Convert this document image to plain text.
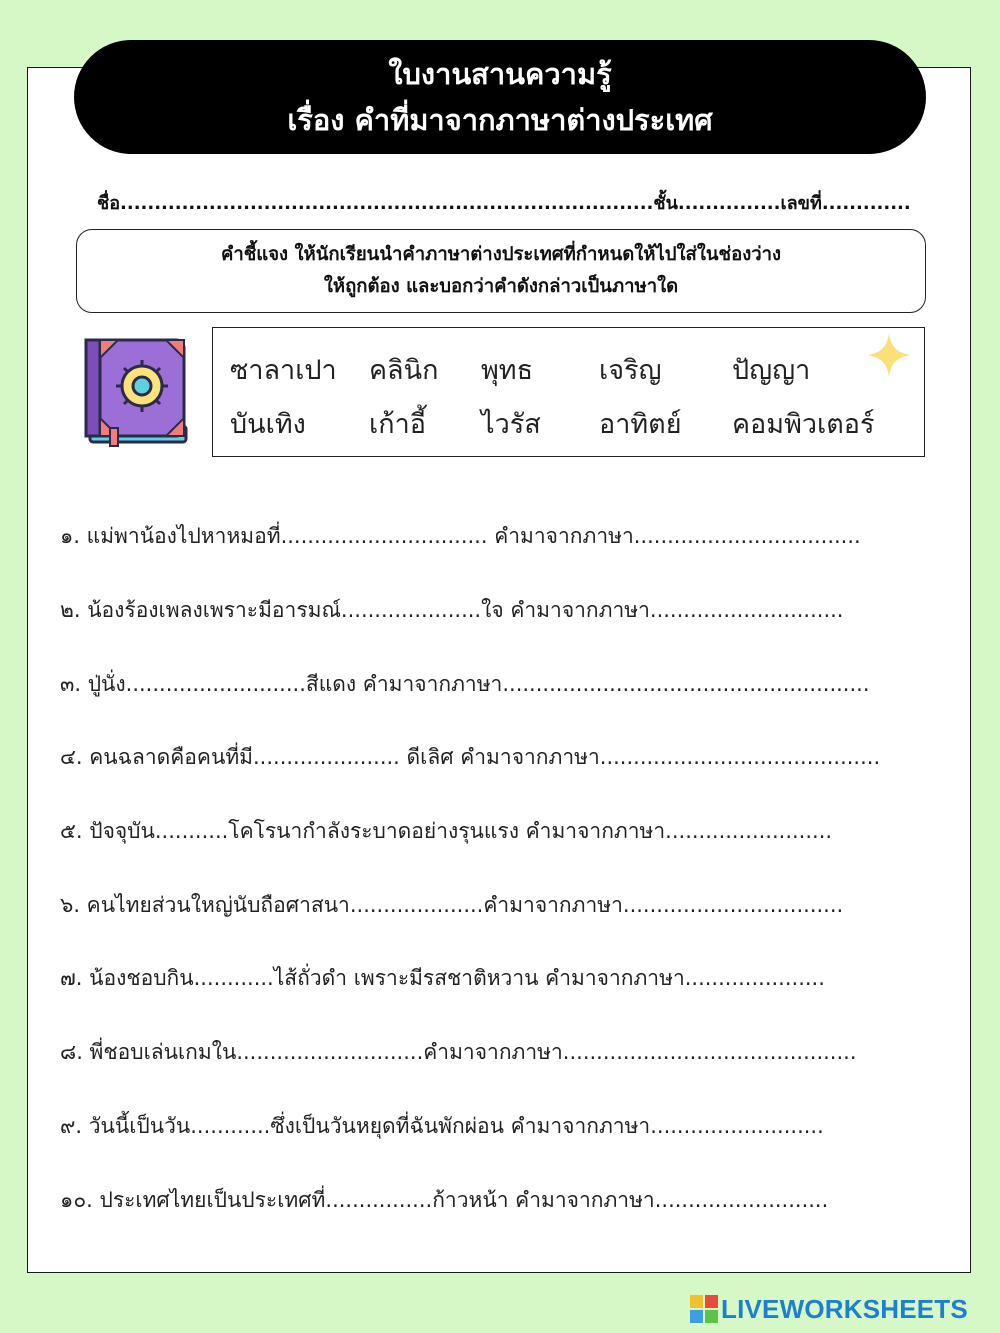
ใบงานสานความรู้
เรื่อง คำที่มาจากภาษาต่างประเทศ
ชื่อ..............................................................................ชั้น...............เลขที่.............
คำชี้แจง ให้นักเรียนนำคำภาษาต่างประเทศที่กำหนดให้ไปใส่ในช่องว่าง
ให้ถูกต้อง และบอกว่าคำดังกล่าวเป็นภาษาใด
ซาลาเปา คลินิก พุทธ เจริญ	ปัญญา
บันเทิง เก้าอี้ ไวรัส อาทิตย์ คอมพิวเตอร์
๑. แม่พาน้องไปหาหมอที่............................... คำมาจากภาษา..................................
๒. น้องร้องเพลงเพราะมีอารมณ์.....................ใจ คำมาจากภาษา.............................
๓. ปู่นั่ง...........................สีแดง คำมาจากภาษา.......................................................
๔. คนฉลาดคือคนที่มี...................... ดีเลิศ คำมาจากภาษา..........................................
๕. ปัจจุบัน...........โคโรนากำลังระบาดอย่างรุนแรง คำมาจากภาษา.........................
๖. คนไทยส่วนใหญ่นับถือศาสนา....................คำมาจากภาษา.................................
๗. น้องชอบกิน............ไส้ถั่วดำ เพราะมีรสชาติหวาน คำมาจากภาษา.....................
๘. พี่ชอบเล่นเกมใน............................คำมาจากภาษา............................................
๙. วันนี้เป็นวัน............ซึ่งเป็นวันหยุดที่ฉันพักผ่อน คำมาจากภาษา..........................
๑๐. ประเทศไทยเป็นประเทศที่................ก้าวหน้า คำมาจากภาษา..........................
LIVEWORKSHEETS
